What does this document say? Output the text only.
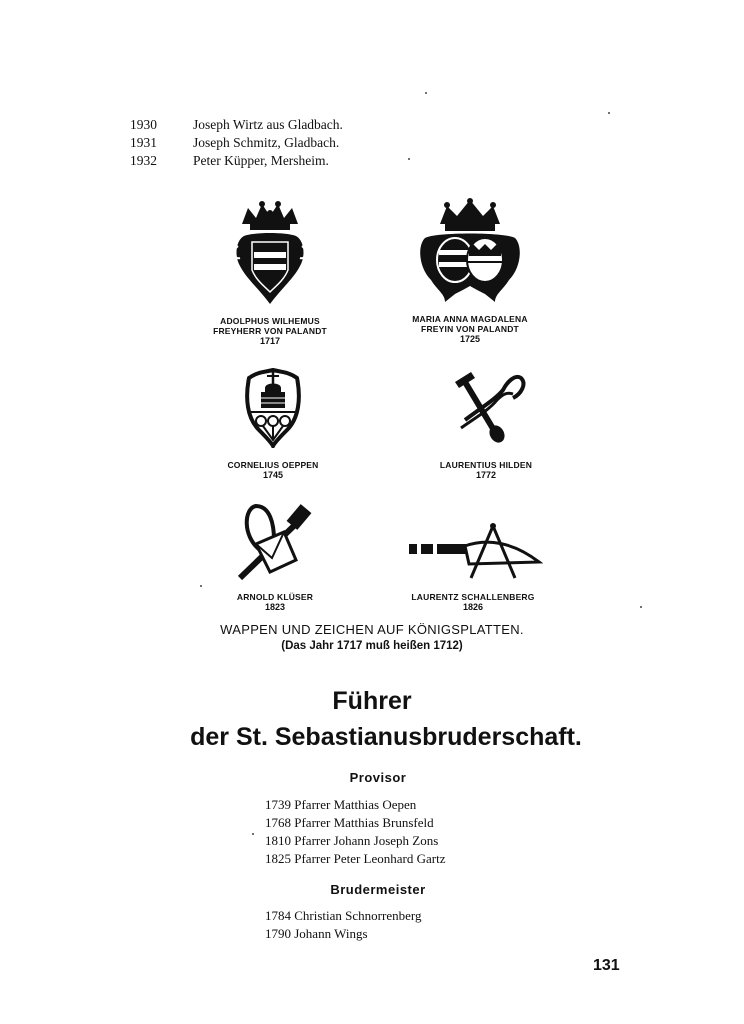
1930	Joseph Wirtz aus Gladbach.
1931	Joseph Schmitz, Gladbach.
1932	Peter Küpper, Mersheim.
ADOLPHUS WILHEMUS
FREYHERR VON PALANDT
1717
MARIA ANNA MAGDALENA
FREYIN VON PALANDT
1725
CORNELIUS OEPPEN
1745
LAURENTIUS HILDEN
1772
ARNOLD KLÜSER
1823
LAURENTZ SCHALLENBERG
1826
WAPPEN UND ZEICHEN AUF KÖNIGSPLATTEN.
(Das Jahr 1717 muß heißen 1712)
Führer
der St. Sebastianusbruderschaft.
Provisor
1739 Pfarrer Matthias Oepen
1768 Pfarrer Matthias Brunsfeld
1810 Pfarrer Johann Joseph Zons
1825 Pfarrer Peter Leonhard Gartz
Brudermeister
1784 Christian Schnorrenberg
1790 Johann Wings
131
